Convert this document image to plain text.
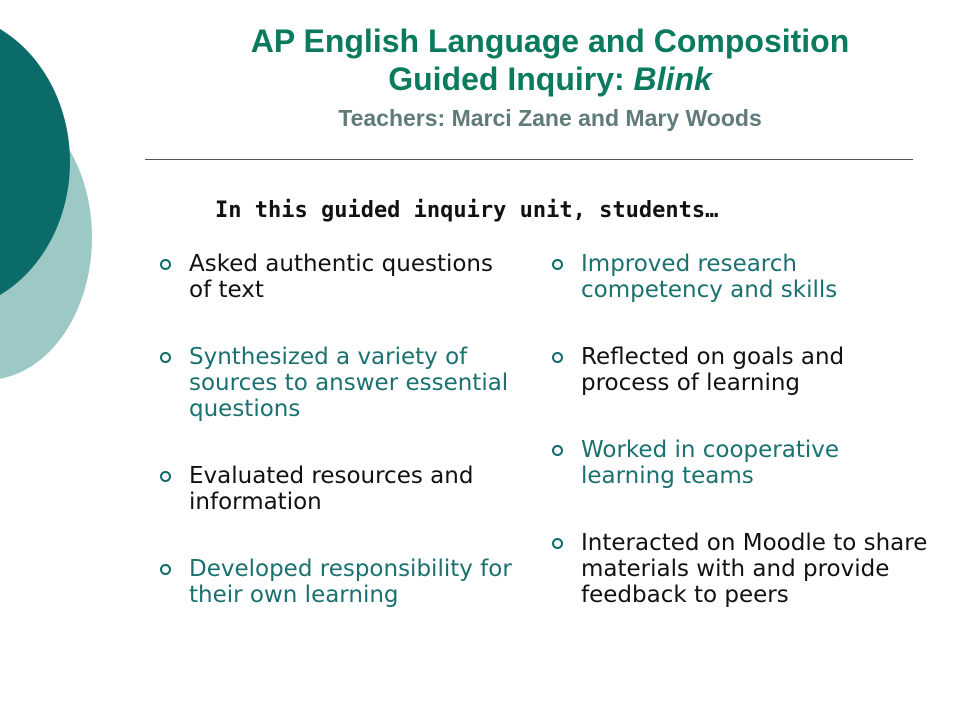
AP English Language and Composition

Guided Inquiry: Blink

Teachers: Marci Zane and Mary Woods
In this guided inquiry unit, students…
Asked authentic questions of text
Synthesized a variety of sources to answer essential questions
Evaluated resources and information
Developed responsibility for their own learning
Improved research competency and skills
Reflected on goals and process of learning
Worked in cooperative learning teams
Interacted on Moodle to share materials with and provide feedback to peers
